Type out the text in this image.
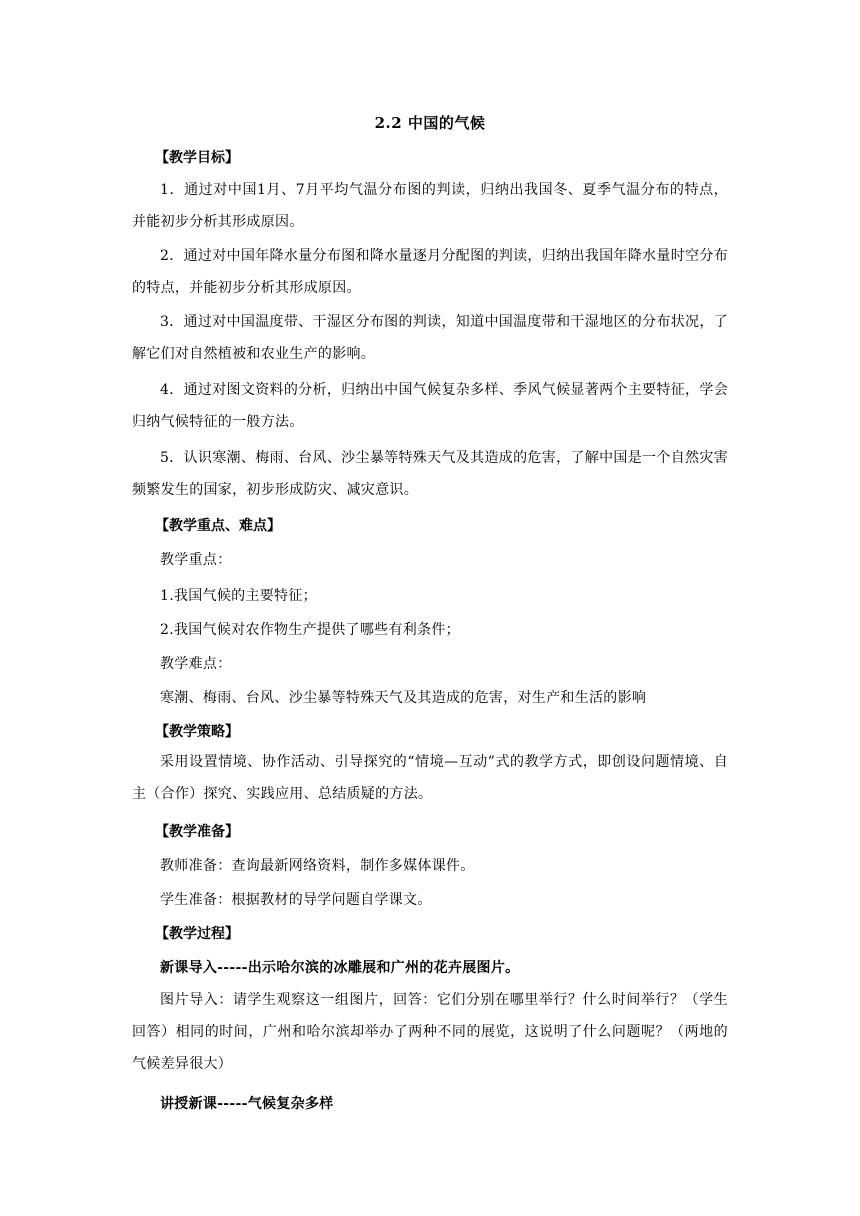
2.2 中国的气候
【教学目标】
1．通过对中国1月、7月平均气温分布图的判读，归纳出我国冬、夏季气温分布的特点，并能初步分析其形成原因。
2．通过对中国年降水量分布图和降水量逐月分配图的判读，归纳出我国年降水量时空分布的特点，并能初步分析其形成原因。
3．通过对中国温度带、干湿区分布图的判读，知道中国温度带和干湿地区的分布状况，了解它们对自然植被和农业生产的影响。
4．通过对图文资料的分析，归纳出中国气候复杂多样、季风气候显著两个主要特征，学会归纳气候特征的一般方法。
5．认识寒潮、梅雨、台风、沙尘暴等特殊天气及其造成的危害，了解中国是一个自然灾害频繁发生的国家，初步形成防灾、减灾意识。
【教学重点、难点】
教学重点：
1.我国气候的主要特征；
2.我国气候对农作物生产提供了哪些有利条件；
教学难点：
寒潮、梅雨、台风、沙尘暴等特殊天气及其造成的危害，对生产和生活的影响
【教学策略】
采用设置情境、协作活动、引导探究的“情境—互动”式的教学方式，即创设问题情境、自主（合作）探究、实践应用、总结质疑的方法。
【教学准备】
教师准备：查询最新网络资料，制作多媒体课件。
学生准备：根据教材的导学问题自学课文。
【教学过程】
新课导入-----出示哈尔滨的冰雕展和广州的花卉展图片。
图片导入：请学生观察这一组图片，回答：它们分别在哪里举行？什么时间举行？（学生回答）相同的时间，广州和哈尔滨却举办了两种不同的展览，这说明了什么问题呢？（两地的气候差异很大）
讲授新课-----气候复杂多样
